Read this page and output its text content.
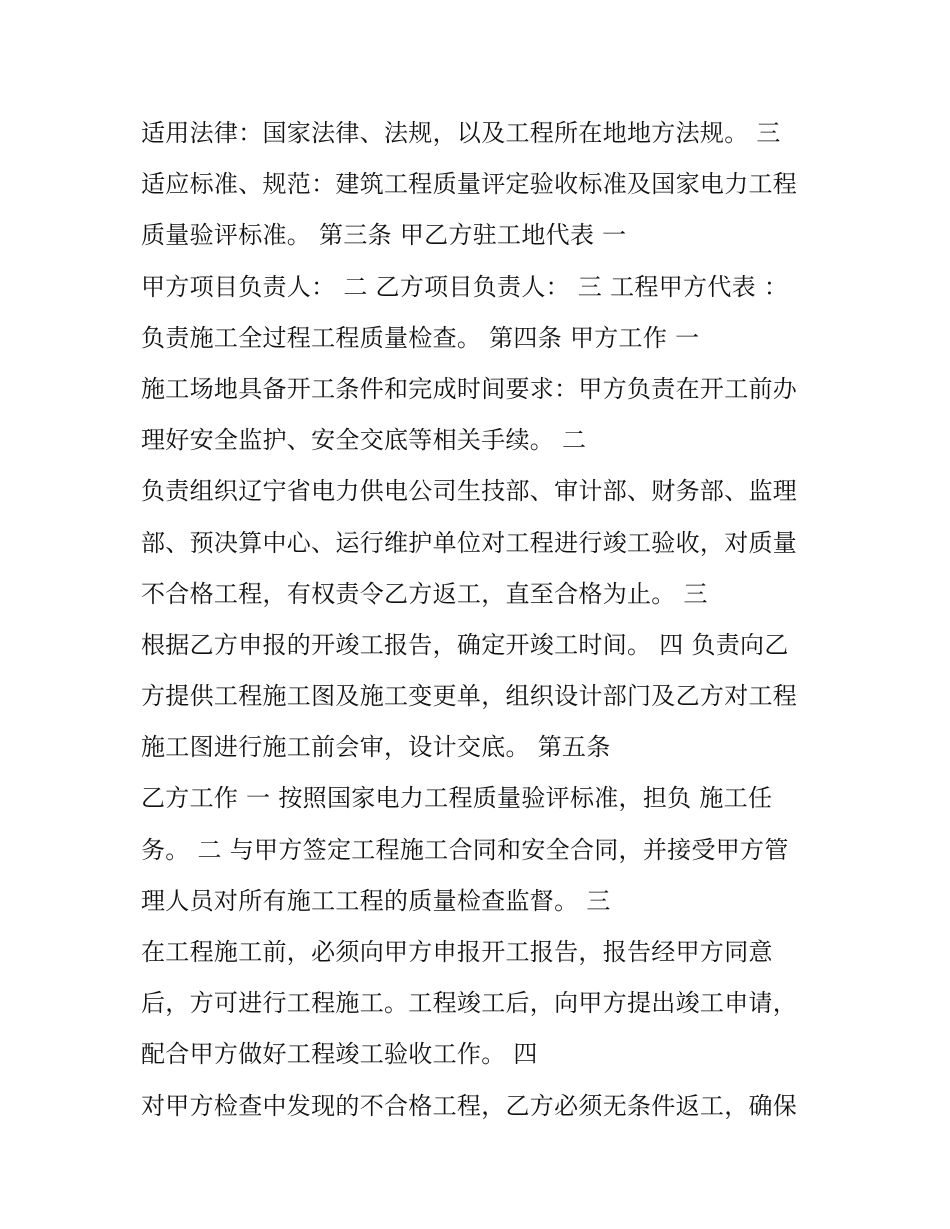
适用法律：国家法律、法规，以及工程所在地地方法规。 三
适应标准、规范：建筑工程质量评定验收标准及国家电力工程
质量验评标准。 第三条 甲乙方驻工地代表 一
甲方项目负责人： 二 乙方项目负责人： 三 工程甲方代表 ：
负责施工全过程工程质量检查。 第四条 甲方工作 一
施工场地具备开工条件和完成时间要求：甲方负责在开工前办
理好安全监护、安全交底等相关手续。 二
负责组织辽宁省电力供电公司生技部、审计部、财务部、监理
部、预决算中心、运行维护单位对工程进行竣工验收，对质量
不合格工程，有权责令乙方返工，直至合格为止。 三
根据乙方申报的开竣工报告，确定开竣工时间。 四 负责向乙
方提供工程施工图及施工变更单，组织设计部门及乙方对工程
施工图进行施工前会审，设计交底。 第五条
乙方工作 一 按照国家电力工程质量验评标准，担负 施工任
务。 二 与甲方签定工程施工合同和安全合同，并接受甲方管
理人员对所有施工工程的质量检查监督。 三
在工程施工前，必须向甲方申报开工报告，报告经甲方同意
后，方可进行工程施工。工程竣工后，向甲方提出竣工申请，
配合甲方做好工程竣工验收工作。 四
对甲方检查中发现的不合格工程，乙方必须无条件返工，确保
